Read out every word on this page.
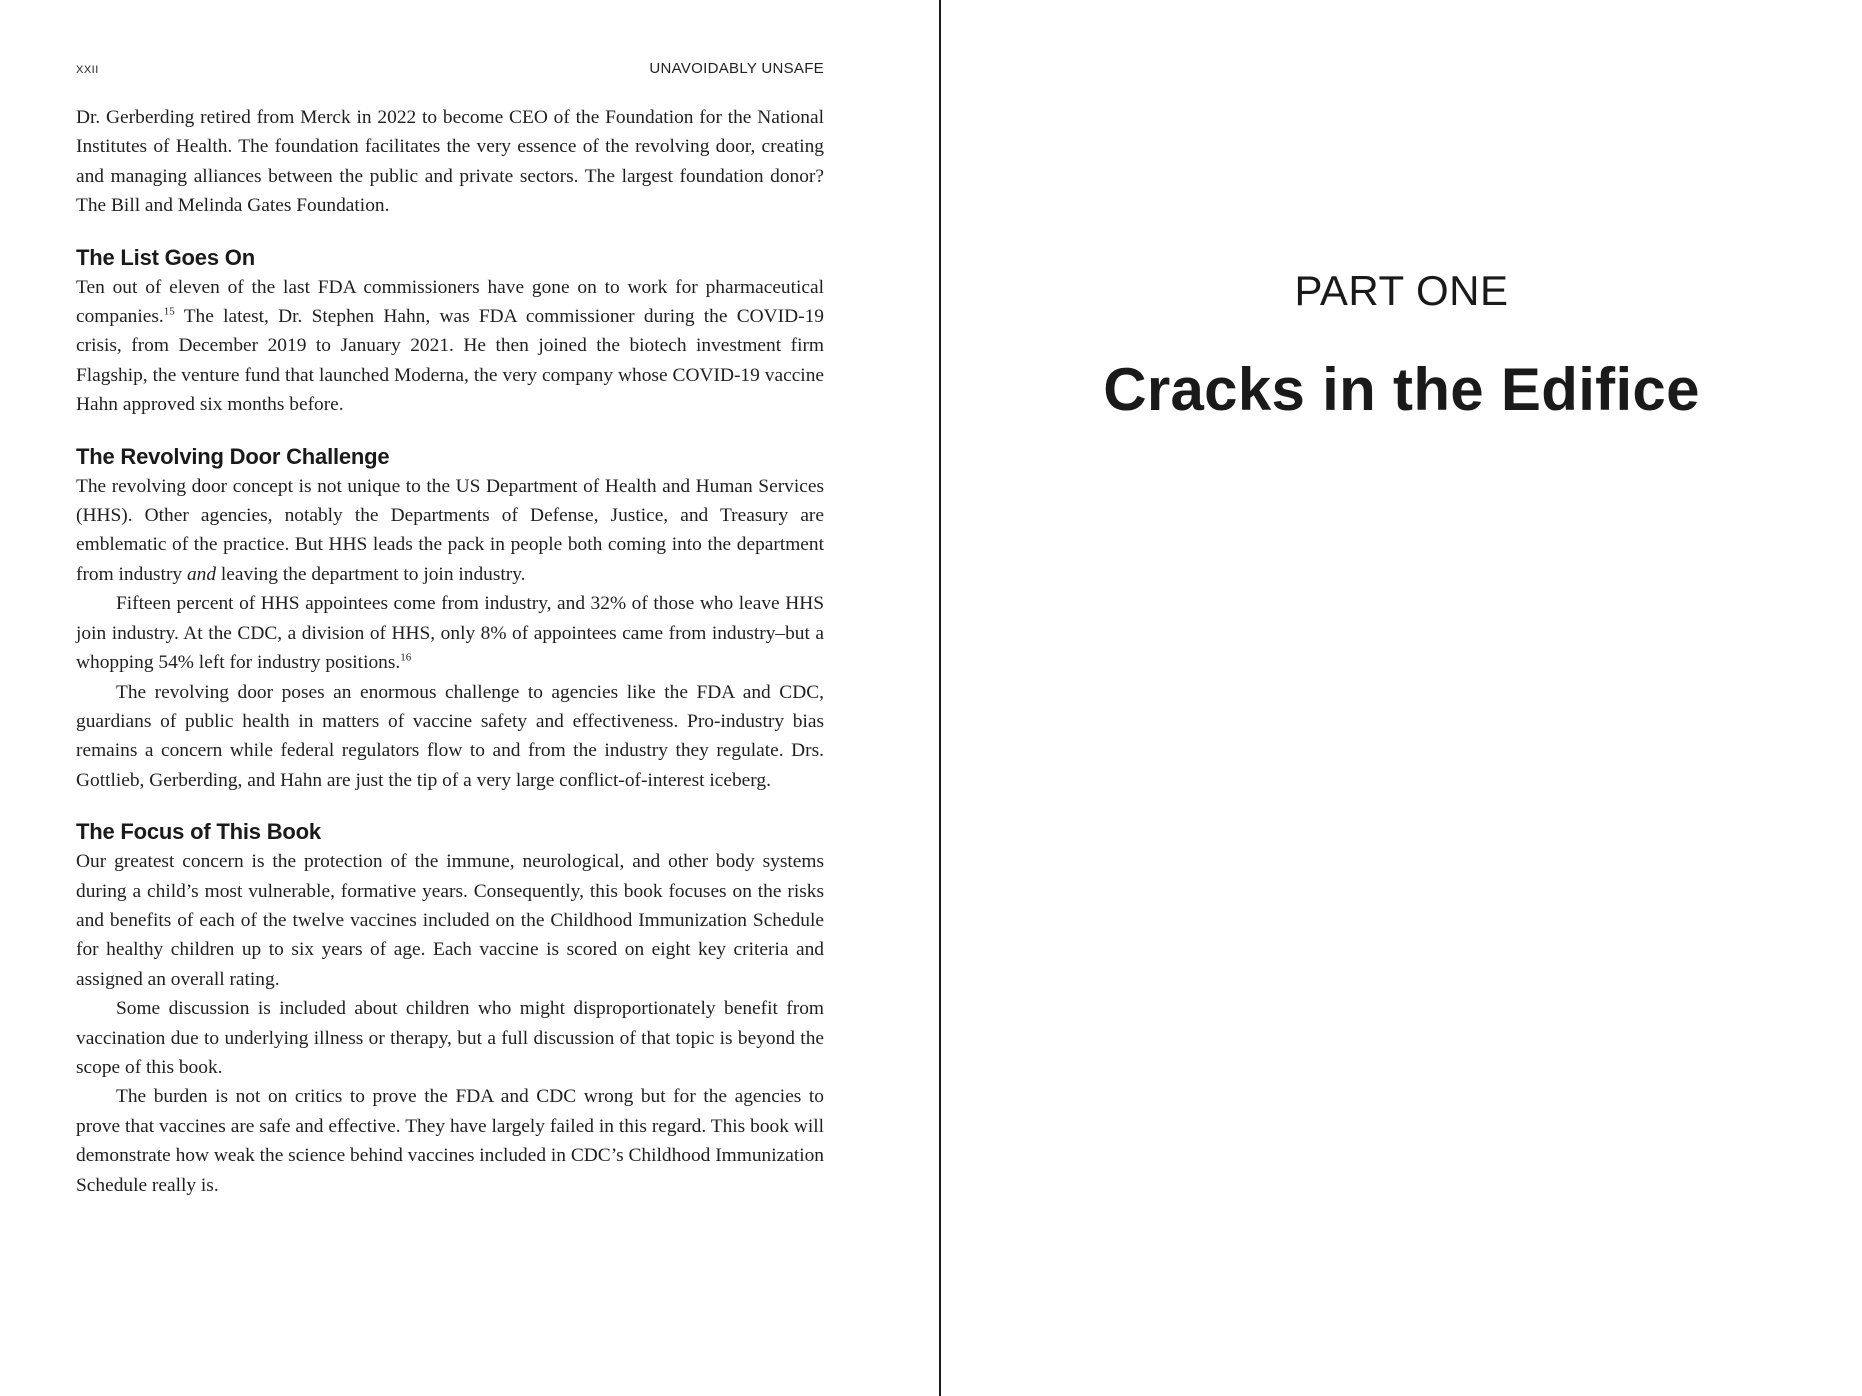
XXII	UNAVOIDABLY UNSAFE

Dr. Gerberding retired from Merck in 2022 to become CEO of the Foundation for the National Institutes of Health. The foundation facilitates the very essence of the revolving door, creating and managing alliances between the public and private sectors. The largest foundation donor? The Bill and Melinda Gates Foundation.

The List Goes On

Ten out of eleven of the last FDA commissioners have gone on to work for pharmaceutical companies.$^{15}$ The latest, Dr. Stephen Hahn, was FDA commissioner during the COVID-19 crisis, from December 2019 to January 2021. He then joined the biotech investment firm Flagship, the venture fund that launched Moderna, the very company whose COVID-19 vaccine Hahn approved six months before.

The Revolving Door Challenge

The revolving door concept is not unique to the US Department of Health and Human Services (HHS). Other agencies, notably the Departments of Defense, Justice, and Treasury are emblematic of the practice. But HHS leads the pack in people both coming into the department from industry and leaving the department to join industry.

Fifteen percent of HHS appointees come from industry, and 32% of those who leave HHS join industry. At the CDC, a division of HHS, only 8% of appointees came from industry–but a whopping 54% left for industry positions.$^{16}$

The revolving door poses an enormous challenge to agencies like the FDA and CDC, guardians of public health in matters of vaccine safety and effectiveness. Pro-industry bias remains a concern while federal regulators flow to and from the industry they regulate. Drs. Gottlieb, Gerberding, and Hahn are just the tip of a very large conflict-of-interest iceberg.

The Focus of This Book

Our greatest concern is the protection of the immune, neurological, and other body systems during a child’s most vulnerable, formative years. Consequently, this book focuses on the risks and benefits of each of the twelve vaccines included on the Childhood Immunization Schedule for healthy children up to six years of age. Each vaccine is scored on eight key criteria and assigned an overall rating.

Some discussion is included about children who might disproportionately benefit from vaccination due to underlying illness or therapy, but a full discussion of that topic is beyond the scope of this book.

The burden is not on critics to prove the FDA and CDC wrong but for the agencies to prove that vaccines are safe and effective. They have largely failed in this regard. This book will demonstrate how weak the science behind vaccines included in CDC’s Childhood Immunization Schedule really is.

PART ONE
Cracks in the Edifice
